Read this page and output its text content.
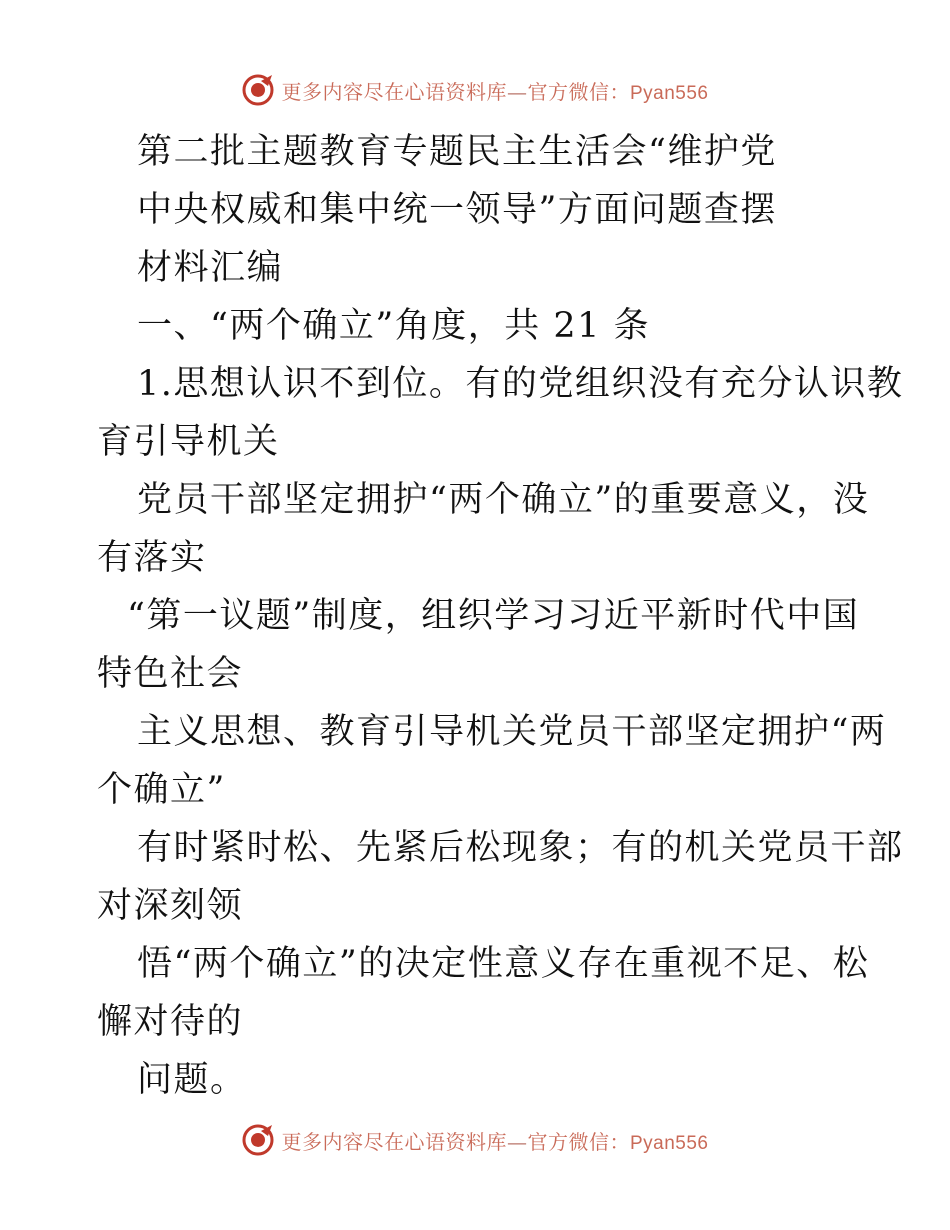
更多内容尽在心语资料库—官方微信：Pyan556
第二批主题教育专题民主生活会“维护党
中央权威和集中统一领导”方面问题查摆
材料汇编
一、“两个确立”角度，共 21 条
1.思想认识不到位。有的党组织没有充分认识教
育引导机关
党员干部坚定拥护“两个确立”的重要意义，没
有落实
“第一议题”制度，组织学习习近平新时代中国
特色社会
主义思想、教育引导机关党员干部坚定拥护“两
个确立”
有时紧时松、先紧后松现象；有的机关党员干部
对深刻领
悟“两个确立”的决定性意义存在重视不足、松
懈对待的
问题。
更多内容尽在心语资料库—官方微信：Pyan556
